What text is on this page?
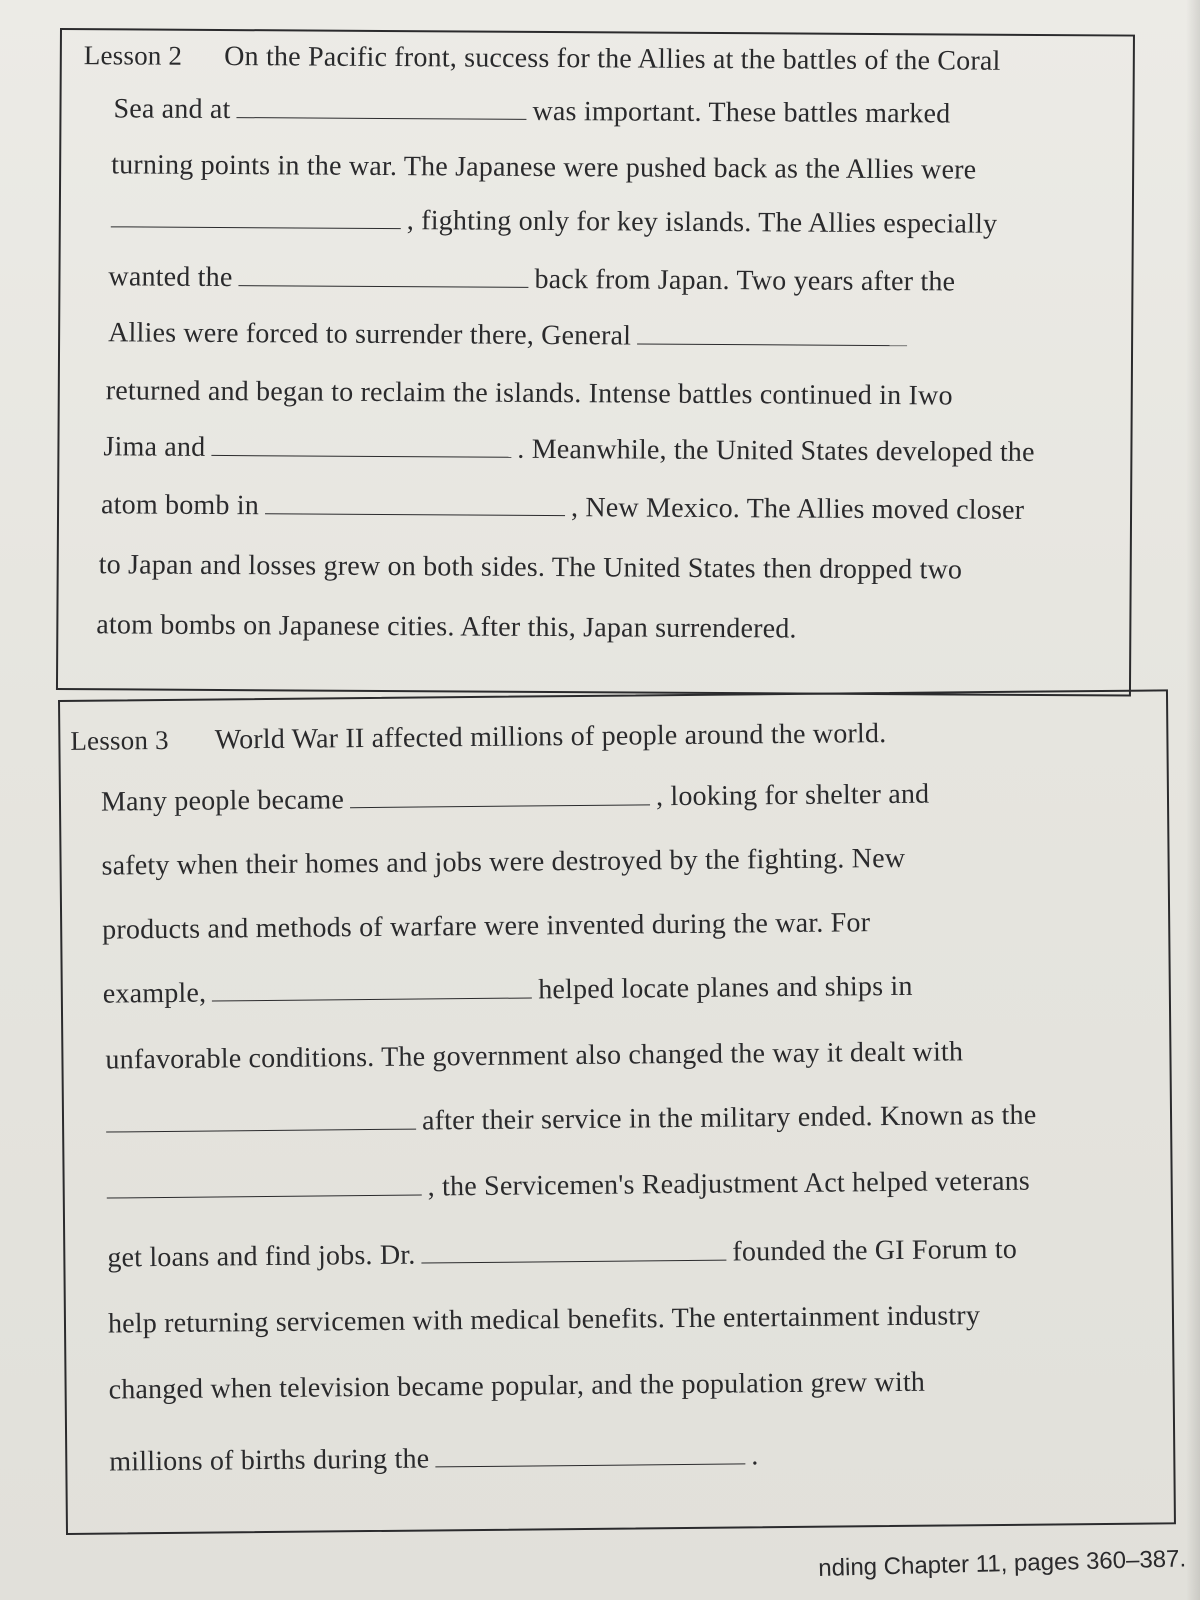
Lesson 2 On the Pacific front, success for the Allies at the battles of the Coral
Sea and at	was important. These battles marked
turning points in the war. The Japanese were pushed back as the Allies were
, fighting only for key islands. The Allies especially
wanted the	back from Japan. Two years after the
Allies were forced to surrender there, General
returned and began to reclaim the islands. Intense battles continued in Iwo
Jima and	. Meanwhile, the United States developed the
atom bomb in	, New Mexico. The Allies moved closer
to Japan and losses grew on both sides. The United States then dropped two
atom bombs on Japanese cities. After this, Japan surrendered.
Lesson 3 World War II affected millions of people around the world.
Many people became	, looking for shelter and
safety when their homes and jobs were destroyed by the fighting. New
products and methods of warfare were invented during the war. For
example,	helped locate planes and ships in
unfavorable conditions. The government also changed the way it dealt with
after their service in the military ended. Known as the
, the Servicemen's Readjustment Act helped veterans
get loans and find jobs. Dr.	founded the GI Forum to
help returning servicemen with medical benefits. The entertainment industry
changed when television became popular, and the population grew with
millions of births during the	.
nding Chapter 11, pages 360–387.
